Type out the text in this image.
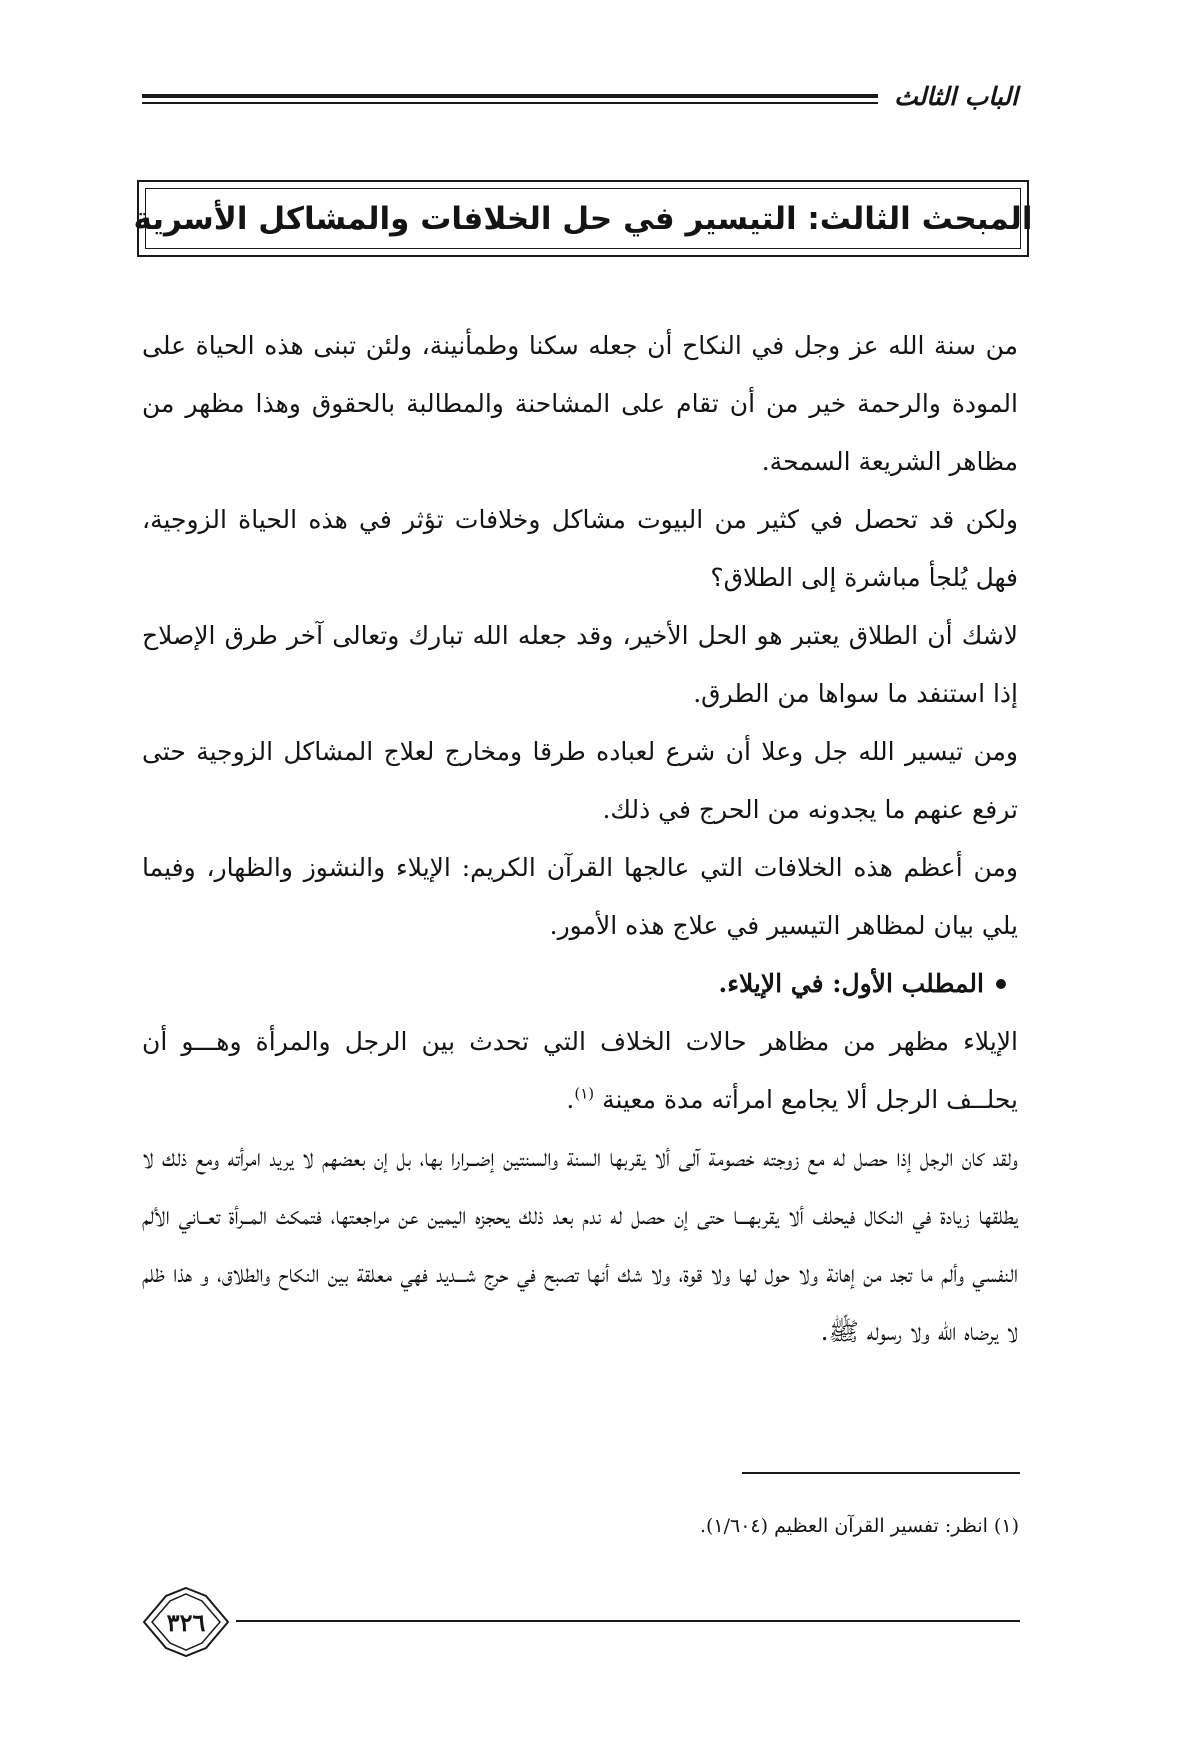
الباب الثالث
المبحث الثالث: التيسير في حل الخلافات والمشاكل الأسرية

من سنة الله عز وجل في النكاح أن جعله سكنا وطمأنينة، ولئن تبنى هذه الحياة على المودة والرحمة خير من أن تقام على المشاحنة والمطالبة بالحقوق وهذا مظهر من مظاهر الشريعة السمحة.

ولكن قد تحصل في كثير من البيوت مشاكل وخلافات تؤثر في هذه الحياة الزوجية، فهل يُلجأ مباشرة إلى الطلاق؟

لاشك أن الطلاق يعتبر هو الحل الأخير، وقد جعله الله تبارك وتعالى آخر طرق الإصلاح إذا استنفد ما سواها من الطرق.

ومن تيسير الله جل وعلا أن شرع لعباده طرقا ومخارج لعلاج المشاكل الزوجية حتى ترفع عنهم ما يجدونه من الحرج في ذلك.

ومن أعظم هذه الخلافات التي عالجها القرآن الكريم: الإيلاء والنشوز والظهار، وفيما يلي بيان لمظاهر التيسير في علاج هذه الأمور.

المطلب الأول: في الإيلاء.

الإيلاء مظهر من مظاهر حالات الخلاف التي تحدث بين الرجل والمرأة وهـــو أن يحلــف الرجل ألا يجامع امرأته مدة معينة $^{(١)}$.

ولقد كان الرجل إذا حصل له مع زوجته خصومة آلى ألا يقربها السنة والسنتين إضــرارا بها، بل إن بعضهم لا يريد امرأته ومع ذلك لا يطلقها زيادة في النكال فيحلف ألا يقربهـــا حتى إن حصل له ندم بعد ذلك يحجزه اليمين عن مراجعتها، فتمكث المــرأة تعــاني الألم النفسي وألم ما تجد من إهانة ولا حول لها ولا قوة، ولا شك أنها تصبح في حرج شـــديد فهي معلقة بين النكاح والطلاق، و هذا ظلم لا يرضاه الله ولا رسوله ﷺ.

(١) انظر: تفسير القرآن العظيم (١/٦٠٤).
٣٢٦
